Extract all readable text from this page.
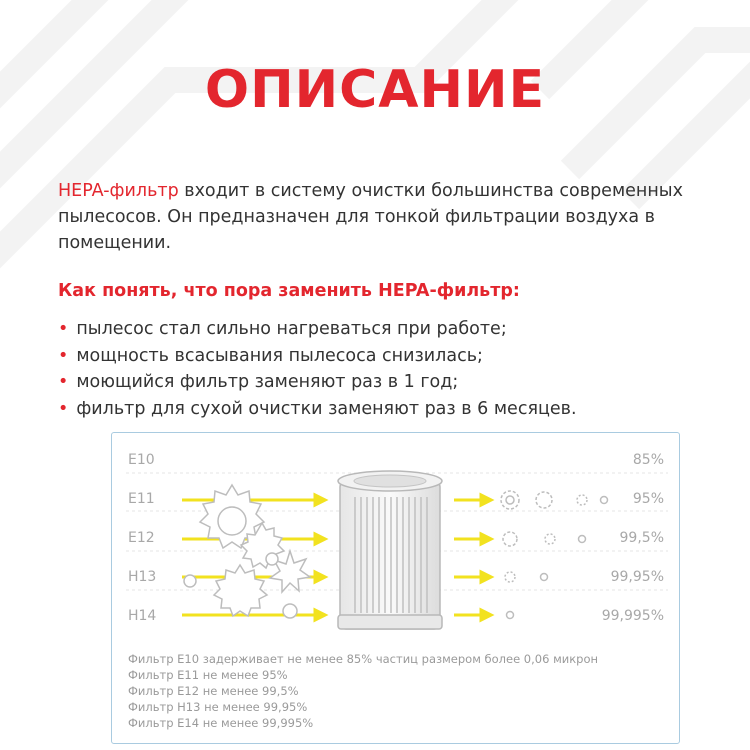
ОПИСАНИЕ
HEPA-фильтр входит в систему очистки большинства современных пылесосов. Он предназначен для тонкой фильтрации воздуха в помещении.
Как понять, что пора заменить HEPA-фильтр:
• пылесос стал сильно нагреваться при работе;
• мощность всасывания пылесоса снизилась;
• моющийся фильтр заменяют раз в 1 год;
• фильтр для сухой очистки заменяют раз в 6 месяцев.
E10
E11
E12
H13
H14
85%
95%
99,5%
99,95%
99,995%
Фильтр E10 задерживает не менее 85% частиц размером более 0,06 микрон
Фильтр E11 не менее 95%
Фильтр E12 не менее 99,5%
Фильтр H13 не менее 99,95%
Фильтр E14 не менее 99,995%
